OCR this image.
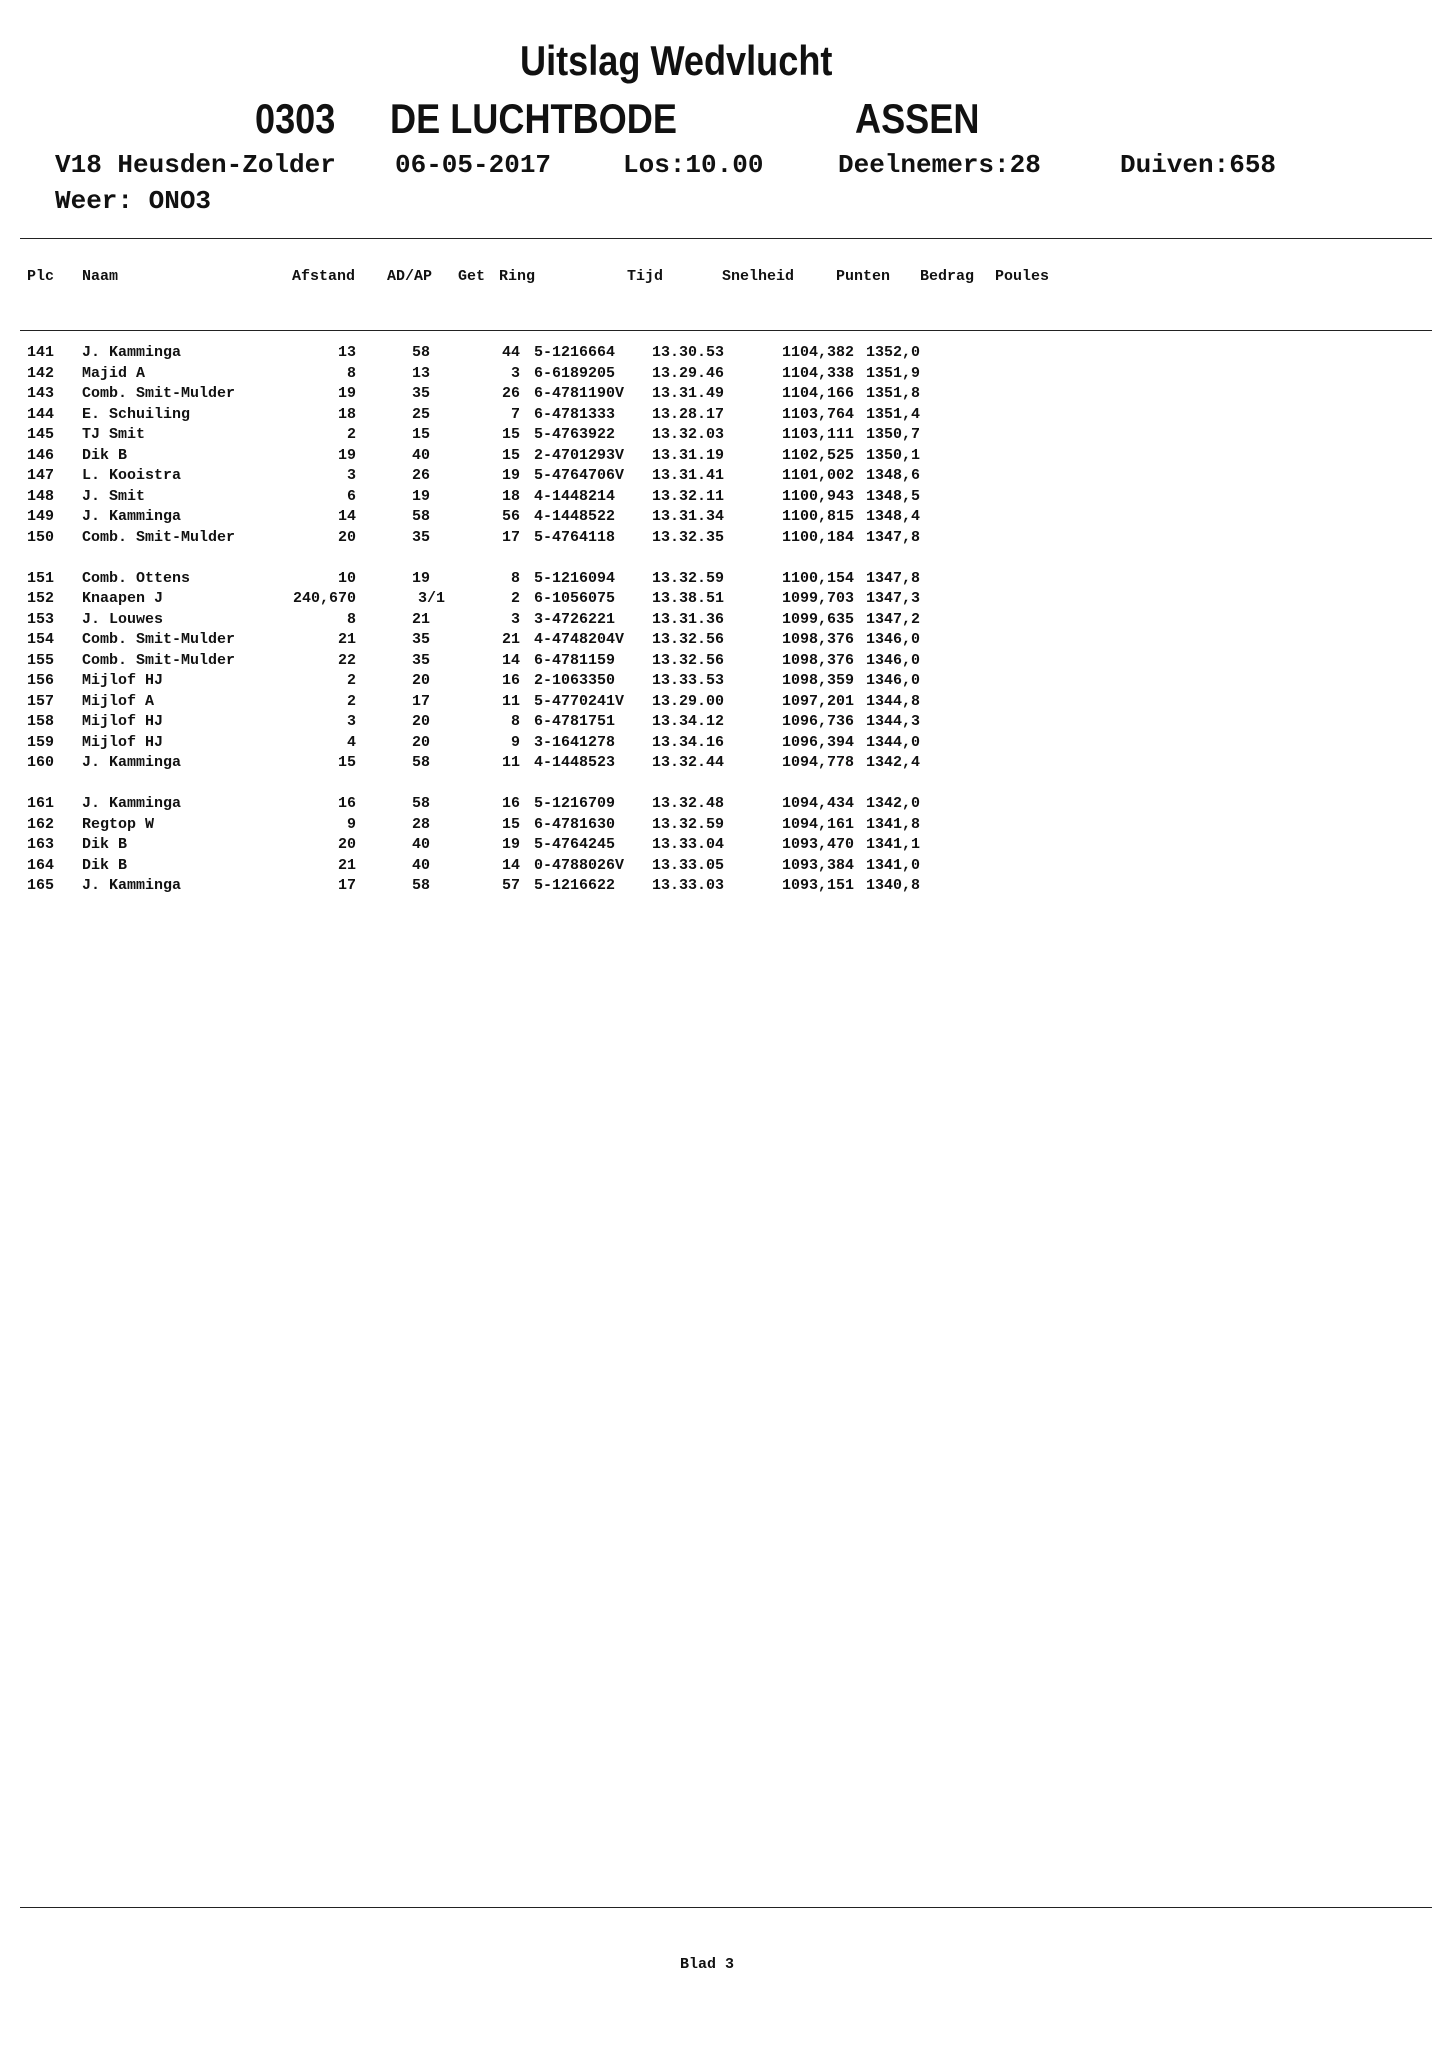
Uitslag Wedvlucht
0303 DE LUCHTBODE	ASSEN
V18 Heusden-Zolder 06-05-2017	Los:10.00	Deelnemers:28	Duiven:658
Weer: ONO3
Plc Naam	Afstand AD/AP Get Ring	Tijd	Snelheid	Punten Bedrag Poules
141 J. Kamminga	13	58	44 5-1216664 13.30.53	1104,382 1352,0
142 Majid A	8	13	3 6-6189205 13.29.46	1104,338 1351,9
143 Comb. Smit-Mulder	19	35	26 6-4781190V 13.31.49	1104,166 1351,8
144 E. Schuiling	18	25	7 6-4781333 13.28.17	1103,764 1351,4
145 TJ Smit	2	15	15 5-4763922 13.32.03	1103,111 1350,7
146 Dik B	19	40	15 2-4701293V 13.31.19	1102,525 1350,1
147 L. Kooistra	3	26	19 5-4764706V 13.31.41	1101,002 1348,6
148 J. Smit	6	19	18 4-1448214 13.32.11	1100,943 1348,5
149 J. Kamminga	14	58	56 4-1448522 13.31.34	1100,815 1348,4
150 Comb. Smit-Mulder	20	35	17 5-4764118 13.32.35	1100,184 1347,8
151 Comb. Ottens	10	19	8 5-1216094 13.32.59	1100,154 1347,8
152 Knaapen J	240,670	3/1	2 6-1056075 13.38.51	1099,703 1347,3
153 J. Louwes	8	21	3 3-4726221 13.31.36	1099,635 1347,2
154 Comb. Smit-Mulder	21	35	21 4-4748204V 13.32.56	1098,376 1346,0
155 Comb. Smit-Mulder	22	35	14 6-4781159 13.32.56	1098,376 1346,0
156 Mijlof HJ	2	20	16 2-1063350 13.33.53	1098,359 1346,0
157 Mijlof A	2	17	11 5-4770241V 13.29.00	1097,201 1344,8
158 Mijlof HJ	3	20	8 6-4781751 13.34.12	1096,736 1344,3
159 Mijlof HJ	4	20	9 3-1641278 13.34.16	1096,394 1344,0
160 J. Kamminga	15	58	11 4-1448523 13.32.44	1094,778 1342,4
161 J. Kamminga	16	58	16 5-1216709 13.32.48	1094,434 1342,0
162 Regtop W	9	28	15 6-4781630 13.32.59	1094,161 1341,8
163 Dik B	20	40	19 5-4764245 13.33.04	1093,470 1341,1
164 Dik B	21	40	14 0-4788026V 13.33.05	1093,384 1341,0
165 J. Kamminga	17	58	57 5-1216622 13.33.03	1093,151 1340,8
Blad 3
